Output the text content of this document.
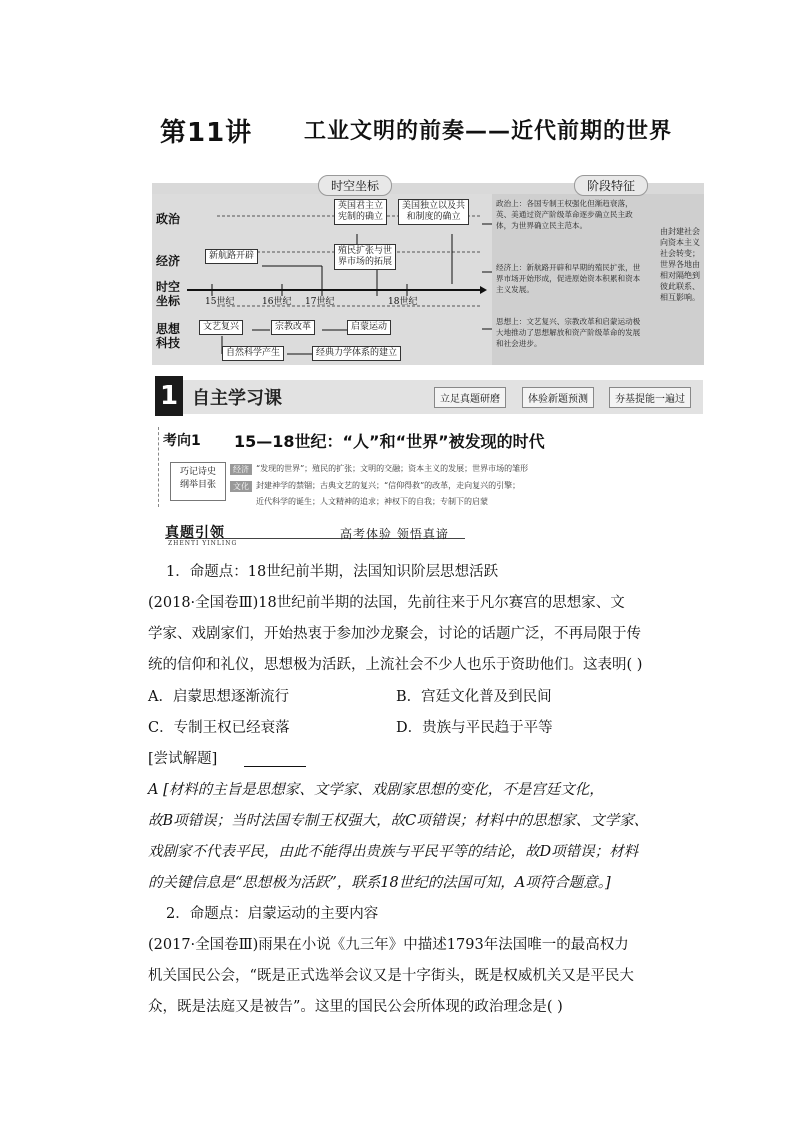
第11讲 工业文明的前奏——近代前期的世界
时空坐标	阶段特征
政治
经济
时空
坐标
思想
科技
英国君主立
宪制的确立
美国独立以及共
和制度的确立
新航路开辟	殖民扩张与世
界市场的拓展
15世纪	16世纪 17世纪	18世纪
文艺复兴	宗教改革	启蒙运动
自然科学产生	经典力学体系的建立
政治上：各国专制王权强化但渐趋衰落，英、美通过资产阶级革命逐步确立民主政体，为世界确立民主范本。
经济上：新航路开辟和早期的殖民扩张，世界市场开始形成，促进原始资本积累和资本主义发展。
思想上：文艺复兴、宗教改革和启蒙运动极大地推动了思想解放和资产阶级革命的发展和社会进步。
由封建社会向资本主义社会转变；世界各地由相对隔绝到彼此联系、相互影响。
1 自主学习课	立足真题研磨	体验新题预测	夯基提能一遍过
考向1 15—18世纪：“人”和“世界”被发现的时代
巧记诗史
纲举目张
经济 “发现的世界”；殖民的扩张；文明的交融；资本主义的发展；世界市场的雏形
文化 封建神学的禁锢；古典文艺的复兴；“信仰得救”的改革，走向复兴的引擎；
近代科学的诞生；人文精神的追求；神权下的自我；专制下的启蒙
真题引领
ZHENTI YINLING
高考体验 领悟真谛
1．命题点：18世纪前半期，法国知识阶层思想活跃
(2018·全国卷Ⅲ)18世纪前半期的法国，先前往来于凡尔赛宫的思想家、文
学家、戏剧家们，开始热衷于参加沙龙聚会，讨论的话题广泛，不再局限于传
统的信仰和礼仪，思想极为活跃，上流社会不少人也乐于资助他们。这表明( )
A．启蒙思想逐渐流行	B．宫廷文化普及到民间
C．专制王权已经衰落	D．贵族与平民趋于平等
[尝试解题]
A [材料的主旨是思想家、文学家、戏剧家思想的变化，不是宫廷文化，
故B项错误；当时法国专制王权强大，故C项错误；材料中的思想家、文学家、
戏剧家不代表平民，由此不能得出贵族与平民平等的结论，故D项错误；材料
的关键信息是“思想极为活跃”，联系18世纪的法国可知，A项符合题意。]
2．命题点：启蒙运动的主要内容
(2017·全国卷Ⅲ)雨果在小说《九三年》中描述1793年法国唯一的最高权力
机关国民公会，“既是正式选举会议又是十字街头，既是权威机关又是平民大
众，既是法庭又是被告”。这里的国民公会所体现的政治理念是( )
